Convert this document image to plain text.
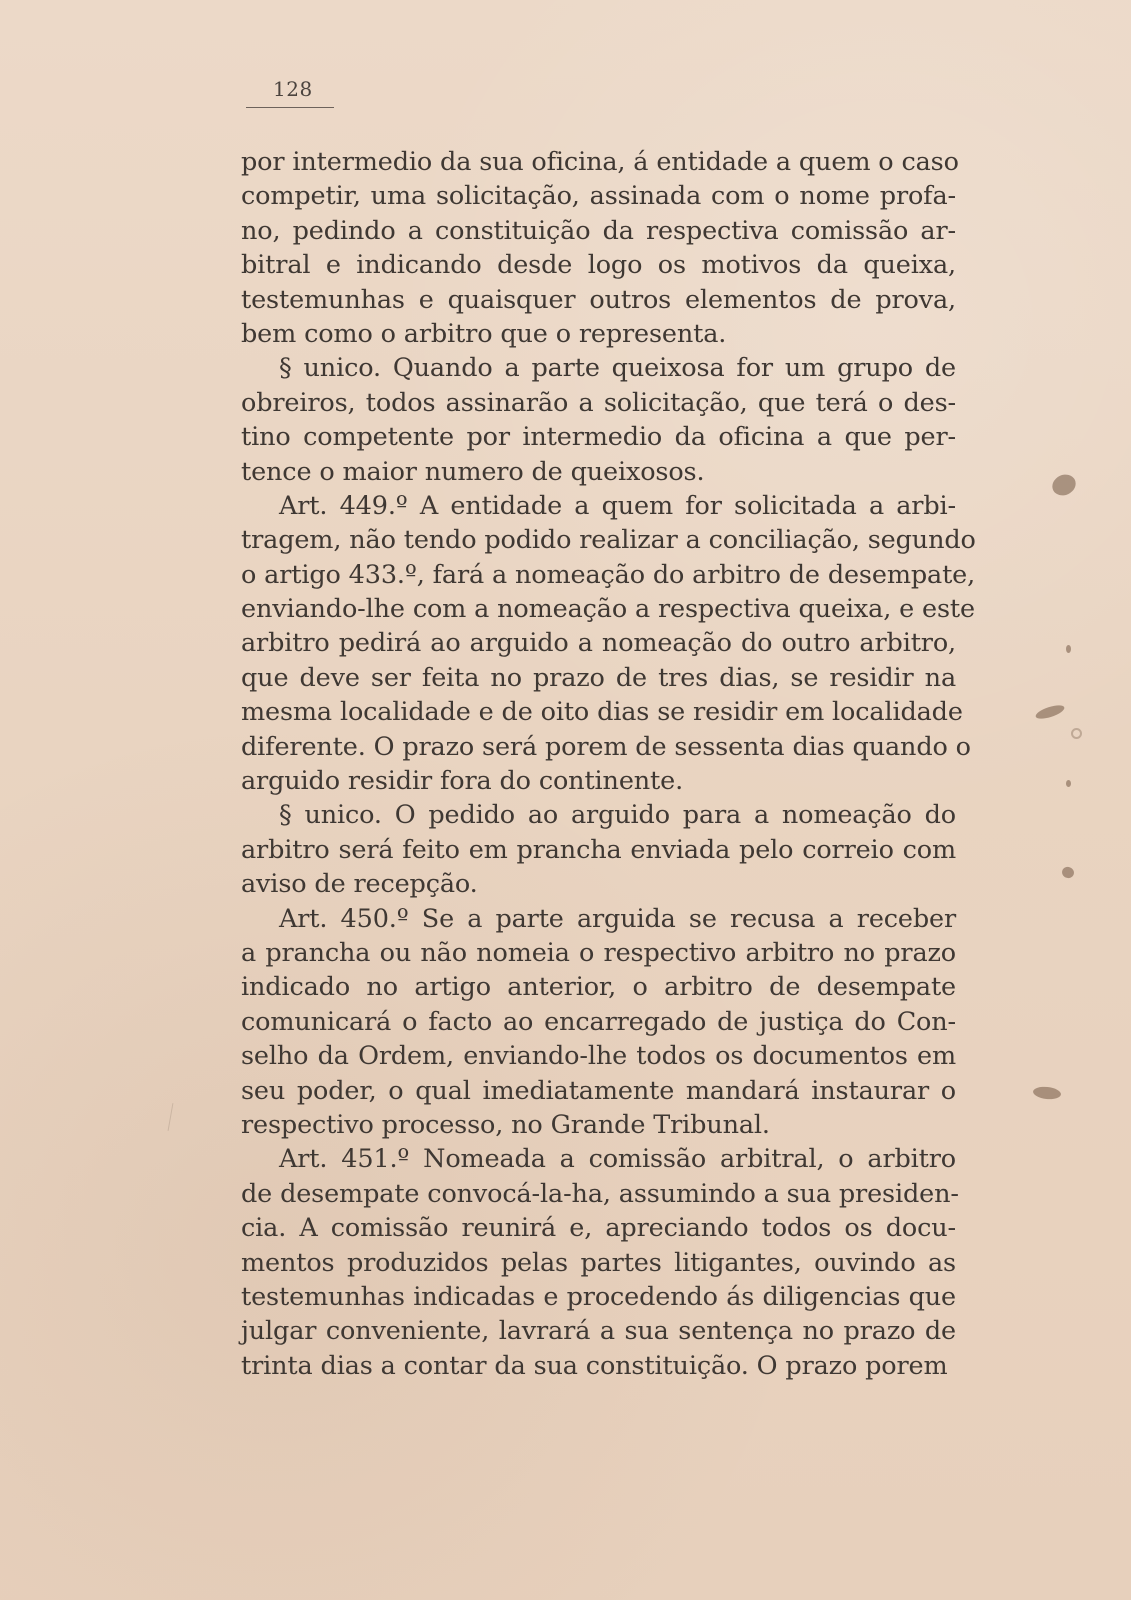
128
por intermedio da sua oficina, á entidade a quem o caso
competir, uma solicitação, assinada com o nome profa-
no, pedindo a constituição da respectiva comissão ar-
bitral e indicando desde logo os motivos da queixa,
testemunhas e quaisquer outros elementos de prova,
bem como o arbitro que o representa.
§ unico. Quando a parte queixosa for um grupo de
obreiros, todos assinarão a solicitação, que terá o des-
tino competente por intermedio da oficina a que per-
tence o maior numero de queixosos.
Art. 449.º A entidade a quem for solicitada a arbi-
tragem, não tendo podido realizar a conciliação, segundo
o artigo 433.º, fará a nomeação do arbitro de desempate,
enviando-lhe com a nomeação a respectiva queixa, e este
arbitro pedirá ao arguido a nomeação do outro arbitro,
que deve ser feita no prazo de tres dias, se residir na
mesma localidade e de oito dias se residir em localidade
diferente. O prazo será porem de sessenta dias quando o
arguido residir fora do continente.
§ unico. O pedido ao arguido para a nomeação do
arbitro será feito em prancha enviada pelo correio com
aviso de recepção.
Art. 450.º Se a parte arguida se recusa a receber
a prancha ou não nomeia o respectivo arbitro no prazo
indicado no artigo anterior, o arbitro de desempate
comunicará o facto ao encarregado de justiça do Con-
selho da Ordem, enviando-lhe todos os documentos em
seu poder, o qual imediatamente mandará instaurar o
respectivo processo, no Grande Tribunal.
Art. 451.º Nomeada a comissão arbitral, o arbitro
de desempate convocá-la-ha, assumindo a sua presiden-
cia. A comissão reunirá e, apreciando todos os docu-
mentos produzidos pelas partes litigantes, ouvindo as
testemunhas indicadas e procedendo ás diligencias que
julgar conveniente, lavrará a sua sentença no prazo de
trinta dias a contar da sua constituição. O prazo porem
